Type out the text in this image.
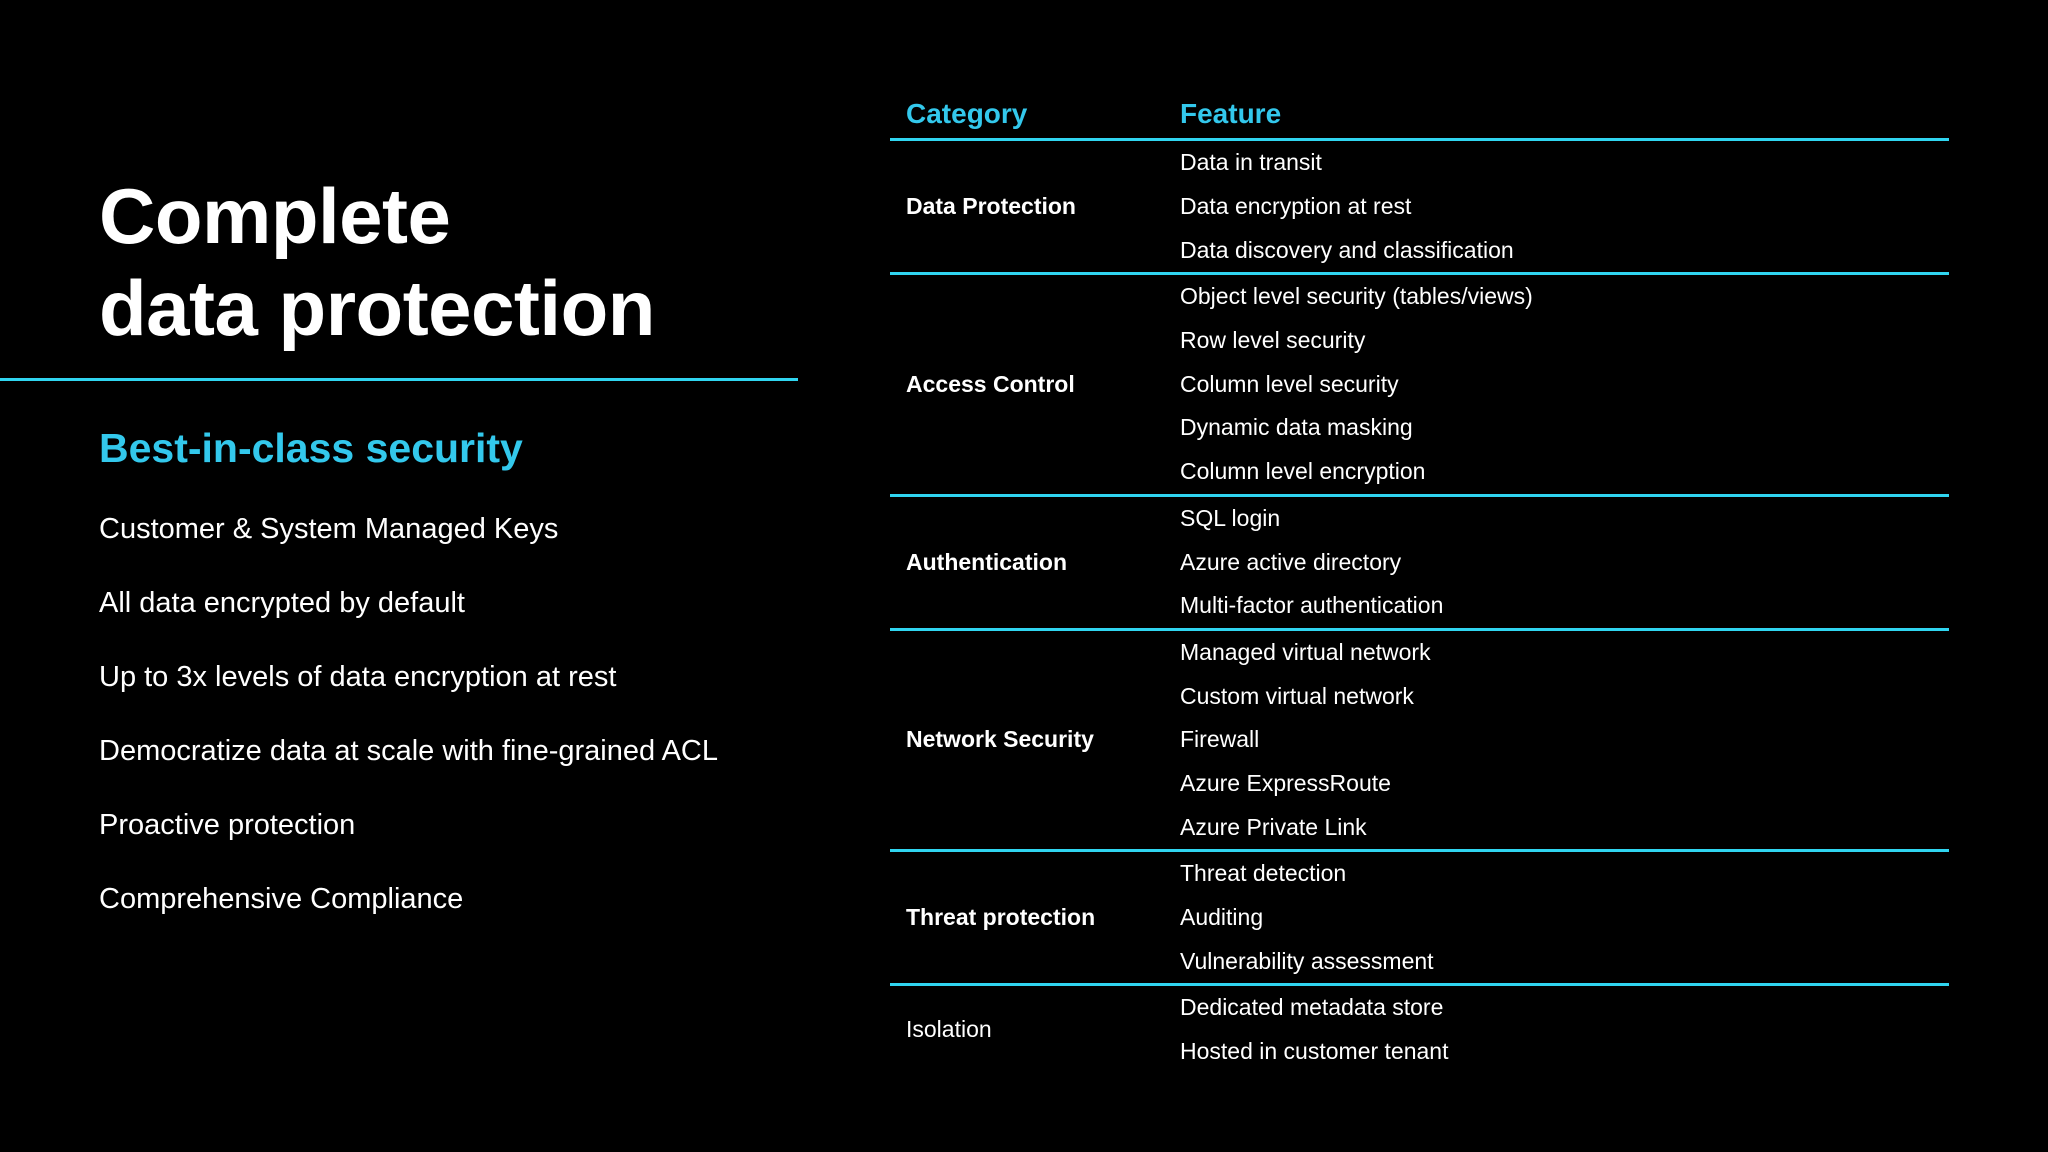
Complete
data protection
Best-in-class security
Customer & System Managed Keys
All data encrypted by default
Up to 3x levels of data encryption at rest
Democratize data at scale with fine-grained ACL
Proactive protection
Comprehensive Compliance
Category	Feature
Data Protection
Data in transit
Data encryption at rest
Data discovery and classification
Access Control
Object level security (tables/views)
Row level security
Column level security
Dynamic data masking
Column level encryption
Authentication
SQL login
Azure active directory
Multi-factor authentication
Network Security
Managed virtual network
Custom virtual network
Firewall
Azure ExpressRoute
Azure Private Link
Threat protection
Threat detection
Auditing
Vulnerability assessment
Isolation
Dedicated metadata store
Hosted in customer tenant
